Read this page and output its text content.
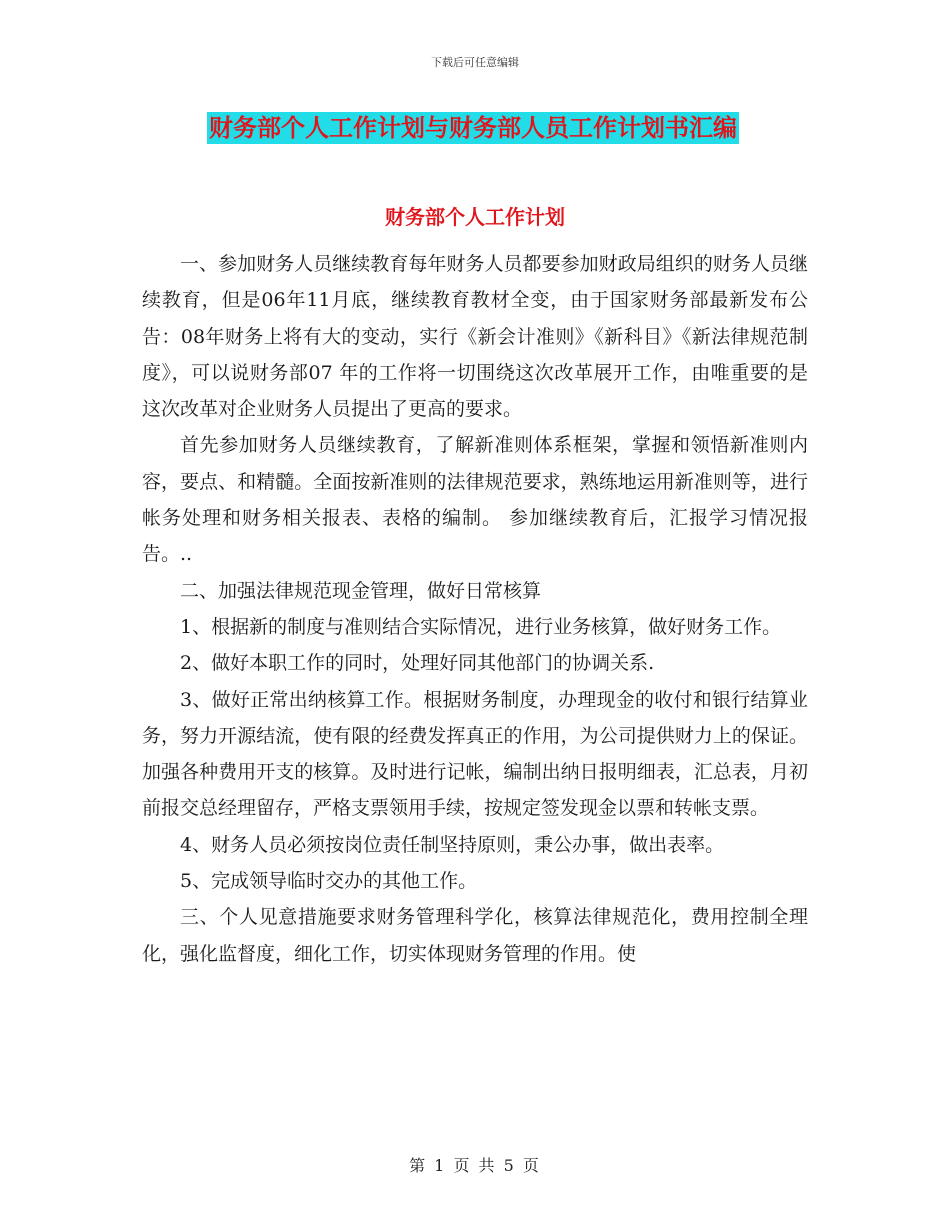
下载后可任意编辑
财务部个人工作计划与财务部人员工作计划书汇编
财务部个人工作计划

一、参加财务人员继续教育每年财务人员都要参加财政局组织的财务人员继续教育，但是06年11月底，继续教育教材全变，由于国家财务部最新发布公告：08年财务上将有大的变动，实行《新会计准则》《新科目》《新法律规范制度》，可以说财务部07 年的工作将一切围绕这次改革展开工作，由唯重要的是这次改革对企业财务人员提出了更高的要求。

首先参加财务人员继续教育，了解新准则体系框架，掌握和领悟新准则内容，要点、和精髓。全面按新准则的法律规范要求，熟练地运用新准则等，进行帐务处理和财务相关报表、表格的编制。 参加继续教育后，汇报学习情况报告。..

二、加强法律规范现金管理，做好日常核算

1、根据新的制度与准则结合实际情况，进行业务核算，做好财务工作。

2、做好本职工作的同时，处理好同其他部门的协调关系.

3、做好正常出纳核算工作。根据财务制度，办理现金的收付和银行结算业务，努力开源结流，使有限的经费发挥真正的作用，为公司提供财力上的保证。加强各种费用开支的核算。及时进行记帐，编制出纳日报明细表，汇总表，月初前报交总经理留存，严格支票领用手续，按规定签发现金以票和转帐支票。

4、财务人员必须按岗位责任制坚持原则，秉公办事，做出表率。

5、完成领导临时交办的其他工作。

三、个人见意措施要求财务管理科学化，核算法律规范化，费用控制全理化，强化监督度，细化工作，切实体现财务管理的作用。使

第 1 页 共 5 页
